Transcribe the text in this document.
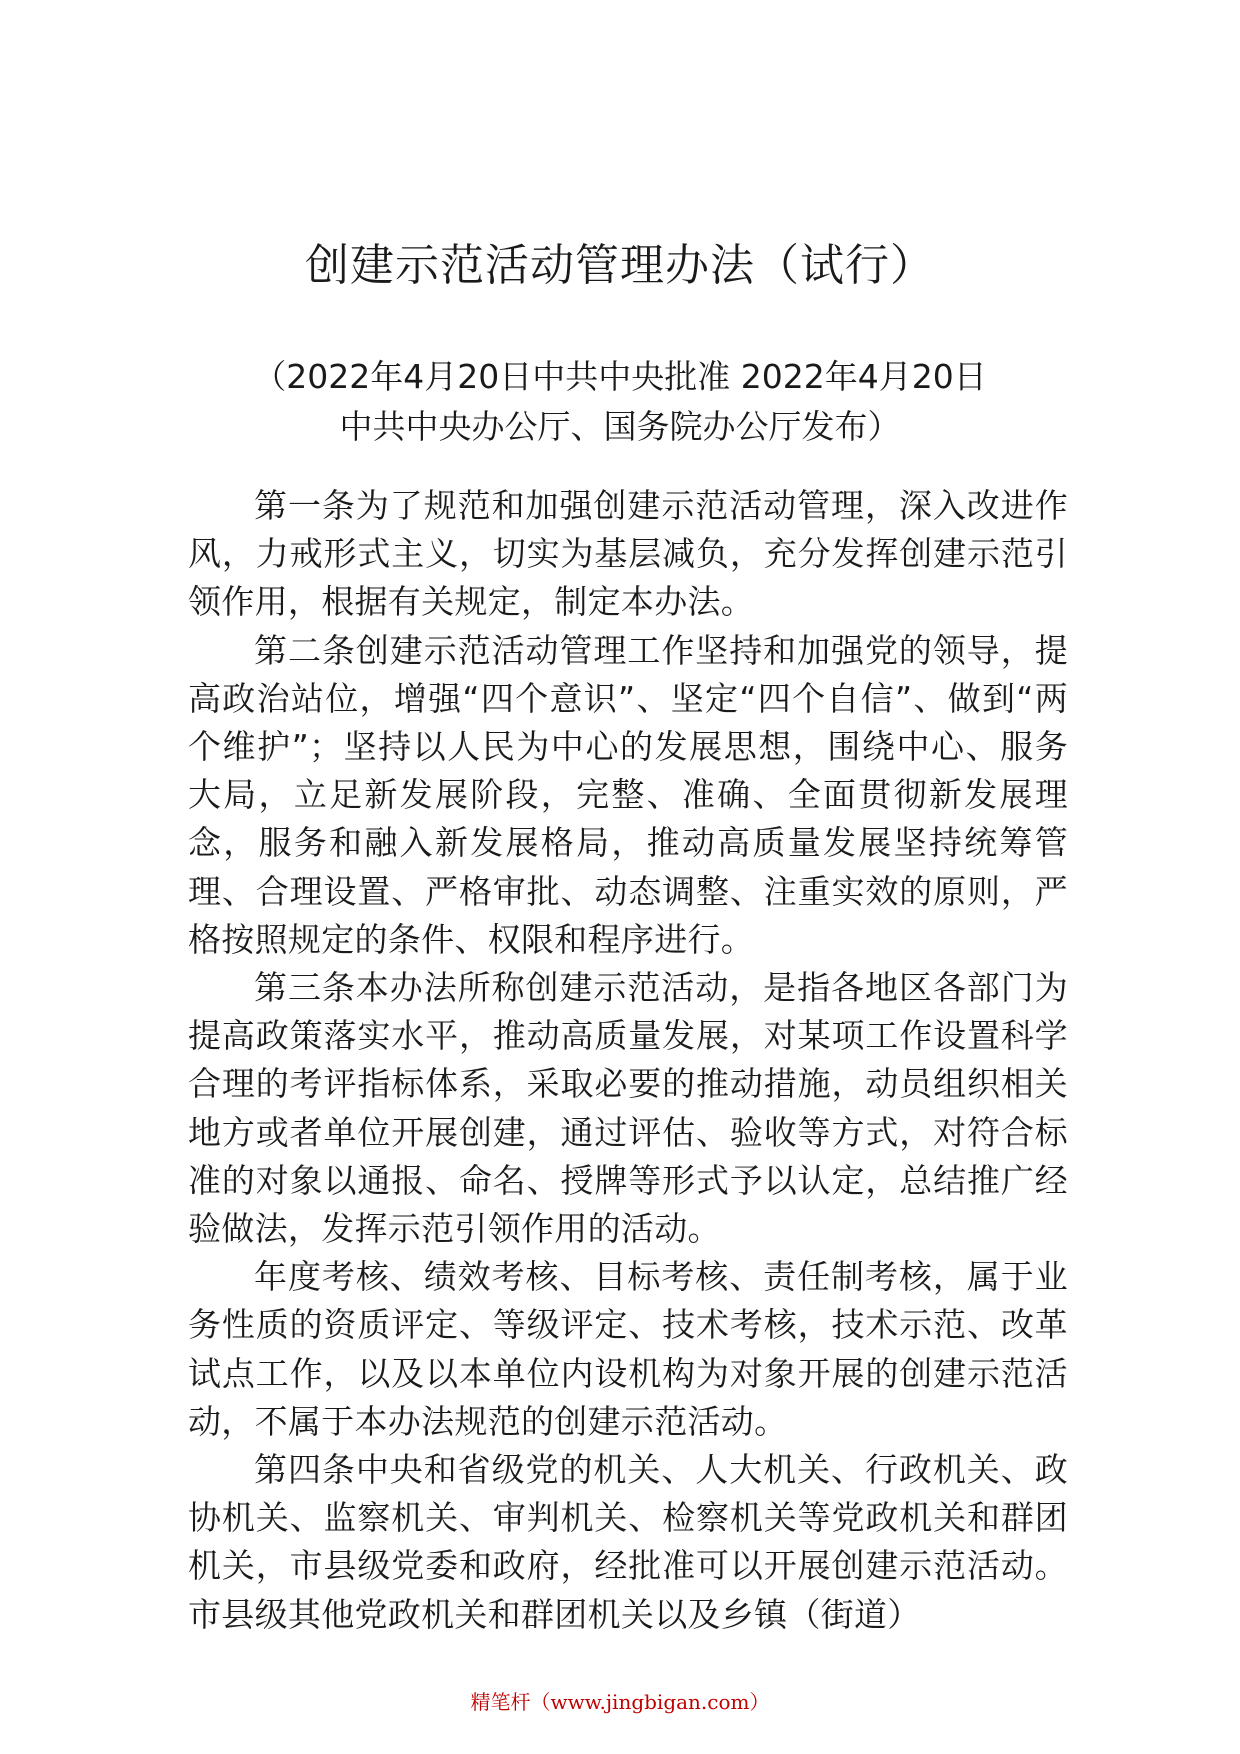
创建示范活动管理办法（试行）
（2022年4月20日中共中央批准 2022年4月20日
中共中央办公厅、国务院办公厅发布）

第一条为了规范和加强创建示范活动管理，深入改进作风，力戒形式主义，切实为基层减负，充分发挥创建示范引领作用，根据有关规定，制定本办法。

第二条创建示范活动管理工作坚持和加强党的领导，提高政治站位，增强“四个意识”、坚定“四个自信”、做到“两个维护”；坚持以人民为中心的发展思想，围绕中心、服务大局，立足新发展阶段，完整、准确、全面贯彻新发展理念，服务和融入新发展格局，推动高质量发展坚持统筹管理、合理设置、严格审批、动态调整、注重实效的原则，严格按照规定的条件、权限和程序进行。

第三条本办法所称创建示范活动，是指各地区各部门为提高政策落实水平，推动高质量发展，对某项工作设置科学合理的考评指标体系，采取必要的推动措施，动员组织相关地方或者单位开展创建，通过评估、验收等方式，对符合标准的对象以通报、命名、授牌等形式予以认定，总结推广经验做法，发挥示范引领作用的活动。

年度考核、绩效考核、目标考核、责任制考核，属于业务性质的资质评定、等级评定、技术考核，技术示范、改革试点工作，以及以本单位内设机构为对象开展的创建示范活动，不属于本办法规范的创建示范活动。

第四条中央和省级党的机关、人大机关、行政机关、政协机关、监察机关、审判机关、检察机关等党政机关和群团机关，市县级党委和政府，经批准可以开展创建示范活动。市县级其他党政机关和群团机关以及乡镇（街道）

精笔杆（www.jingbigan.com）
